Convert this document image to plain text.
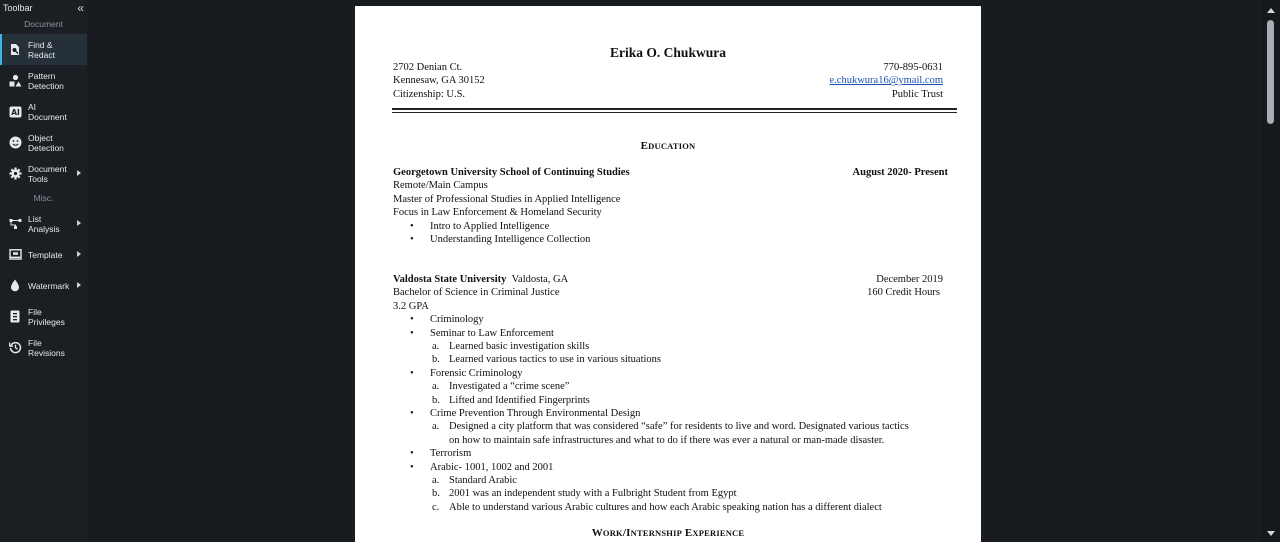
Toolbar	«
Document
Find & Redact
Pattern Detection
AI
AI Document
Object Detection
Document Tools
Misc.
List Analysis
Template
Watermark
File Privileges
File Revisions
Erika O. Chukwura
2702 Denian Ct.
Kennesaw, GA 30152
Citizenship: U.S.
770-895-0631
e.chukwura16@ymail.com
Public Trust
EDUCATION
Georgetown University School of Continuing Studies	August 2020- Present
Remote/Main Campus
Master of Professional Studies in Applied Intelligence
Focus in Law Enforcement & Homeland Security
• Intro to Applied Intelligence
• Understanding Intelligence Collection
Valdosta State University Valdosta, GA	December 2019
Bachelor of Science in Criminal Justice	160 Credit Hours
3.2 GPA
• Criminology
• Seminar to Law Enforcement
a. Learned basic investigation skills
b. Learned various tactics to use in various situations
• Forensic Criminology
a. Investigated a “crime scene”
b. Lifted and Identified Fingerprints
• Crime Prevention Through Environmental Design
a. Designed a city platform that was considered “safe” for residents to live and word. Designated various tactics
on how to maintain safe infrastructures and what to do if there was ever a natural or man-made disaster.
• Terrorism
• Arabic- 1001, 1002 and 2001
a. Standard Arabic
b. 2001 was an independent study with a Fulbright Student from Egypt
c. Able to understand various Arabic cultures and how each Arabic speaking nation has a different dialect
WORK/INTERNSHIP EXPERIENCE
